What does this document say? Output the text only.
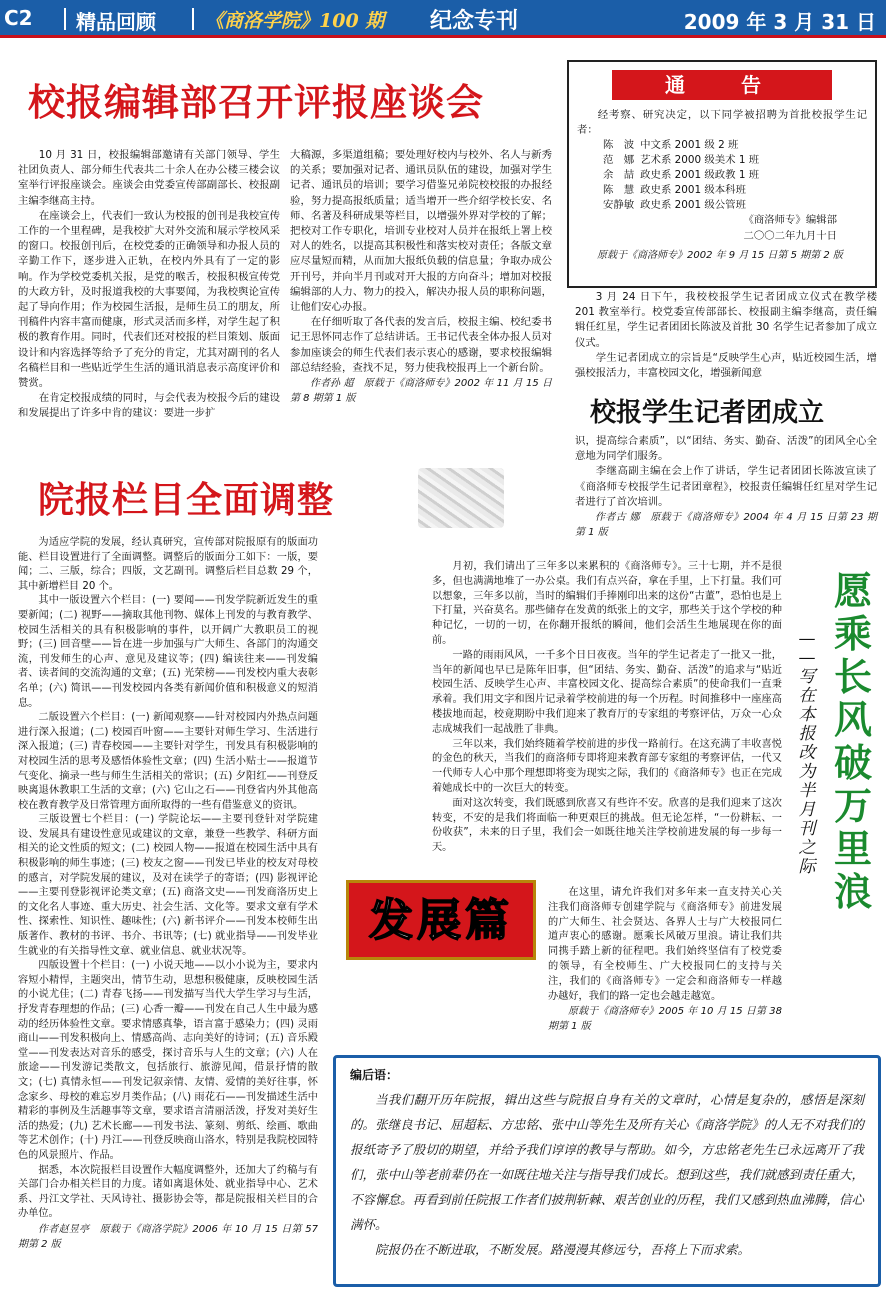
C2 精品回顾	《商洛学院》100 期 纪念专刊	2009 年 3 月 31 日
校报编辑部召开评报座谈会

10 月 31 日，校报编辑部邀请有关部门领导、学生社团负责人、部分师生代表共二十余人在办公楼三楼会议室举行评报座谈会。座谈会由党委宣传部副部长、校报副主编李继高主持。

在座谈会上，代表们一致认为校报的创刊是我校宣传工作的一个里程碑，是我校扩大对外交流和展示学校风采的窗口。校报创刊后，在校党委的正确领导和办报人员的辛勤工作下，逐步进入正轨，在校内外具有了一定的影响。作为学校党委机关报，是党的喉舌，校报积极宣传党的大政方针，及时报道我校的大事要闻，为我校舆论宣传起了导向作用；作为校园生活报，是师生员工的朋友，所刊稿件内容丰富而健康，形式灵活而多样，对学生起了积极的教育作用。同时，代表们还对校报的栏目策划、版面设计和内容选择等给予了充分的肯定，尤其对副刊的名人名稿栏目和一些贴近学生生活的通讯消息表示高度评价和赞赏。

在肯定校报成绩的同时，与会代表为校报今后的建设和发展提出了许多中肯的建议：要进一步扩

大稿源，多渠道组稿；要处理好校内与校外、名人与新秀的关系；要加强对记者、通讯员队伍的建设，加强对学生记者、通讯员的培训；要学习借鉴兄弟院校校报的办报经验，努力提高报纸质量；适当增开一些介绍学校长安、名师、名著及科研成果等栏目，以增强外界对学校的了解；把校对工作专职化，培训专业校对人员并在报纸上署上校对人的姓名，以提高其积极性和落实校对责任；各版文章应尽量短而精，从而加大报纸负载的信息量；争取办成公开刊号，并向半月刊或对开大报的方向奋斗；增加对校报编辑部的人力、物力的投入，解决办报人员的职称问题，让他们安心办报。

在仔细听取了各代表的发言后，校报主编、校纪委书记王思怀同志作了总结讲话。王书记代表全体办报人员对参加座谈会的师生代表们表示衷心的感谢，要求校报编辑部总结经验，查找不足，努力使我校报再上一个新台阶。

作者孙 超　原载于《商洛师专》2002 年 11 月 15 日第 8 期第 1 版

通　告
经考察、研究决定，以下同学被招聘为首批校报学生记者：
陈　波	中文系 2001 级 2 班
范　娜	艺术系 2000 级美术 1 班
余　喆	政史系 2001 级政教 1 班
陈　慧	政史系 2001 级本科班
安静敏	政史系 2001 级公管班
《商洛师专》编辑部
二〇〇二年九月十日
原载于《商洛师专》2002 年 9 月 15 日第 5 期第 2 版

3 月 24 日下午，我校校报学生记者团成立仪式在教学楼 201 教室举行。校党委宣传部部长、校报副主编李继高，责任编辑任红星，学生记者团团长陈波及首批 30 名学生记者参加了成立仪式。

学生记者团成立的宗旨是“反映学生心声，贴近校园生活，增强校报活力，丰富校园文化，增强新闻意

校报学生记者团成立

识，提高综合素质”，以“团结、务实、勤奋、活泼”的团风全心全意地为同学们服务。

李继高副主编在会上作了讲话，学生记者团团长陈波宣读了《商洛师专校报学生记者团章程》，校报责任编辑任红星对学生记者进行了首次培训。

作者古 娜　原载于《商洛师专》2004 年 4 月 15 日第 23 期第 1 版

院报栏目全面调整

为适应学院的发展，经认真研究，宣传部对院报原有的版面功能、栏目设置进行了全面调整。调整后的版面分工如下：一版，要闻；二、三版，综合；四版，文艺副刊。调整后栏目总数 29 个，其中新增栏目 20 个。

其中一版设置六个栏目：(一) 要闻——刊发学院新近发生的重要新闻；(二) 视野——摘取其他刊物、媒体上刊发的与教育教学、校园生活相关的具有积极影响的事件，以开阔广大教职员工的视野；(三) 回音壁——旨在进一步加强与广大师生、各部门的沟通交流，刊发师生的心声、意见及建议等；(四) 编读往来——刊发编者、读者间的交流沟通的文章；(五) 光荣榜——刊发校内重大表彰名单；(六) 简讯——刊发校园内各类有新闻价值和积极意义的短消息。

二版设置六个栏目：(一) 新闻观察——针对校园内外热点问题进行深入报道；(二) 校园百叶窗——主要针对师生学习、生活进行深入报道；(三) 青春校园——主要针对学生，刊发具有积极影响的对校园生活的思考及感悟体验性文章；(四) 生活小贴士——报道节气变化、摘录一些与师生生活相关的常识；(五) 夕阳红——刊登反映离退休教职工生活的文章；(六) 它山之石——刊登省内外其他高校在教育教学及日常管理方面所取得的一些有借鉴意义的资讯。

三版设置七个栏目：(一) 学院论坛——主要刊登针对学院建设、发展具有建设性意见或建议的文章，兼登一些教学、科研方面相关的论文性质的短文；(二) 校园人物——报道在校园生活中具有积极影响的师生事迹；(三) 校友之窗——刊发已毕业的校友对母校的感言，对学院发展的建议，及对在读学子的寄语；(四) 影视评论——主要刊登影视评论类文章；(五) 商洛文史——刊发商洛历史上的文化名人事迹、重大历史、社会生活、文化等。要求文章有学术性、探索性、知识性、趣味性；(六) 新书评介——刊发本校师生出版著作、教材的书评、书介、书讯等；(七) 就业指导——刊发毕业生就业的有关指导性文章、就业信息、就业状况等。

四版设置十个栏目：(一) 小说天地——以小小说为主，要求内容短小精悍，主题突出，情节生动，思想积极健康，反映校园生活的小说尤佳；(二) 青春飞扬——刊发描写当代大学生学习与生活，抒发青春理想的作品；(三) 心香一瓣——刊发在自己人生中最为感动的经历体验性文章。要求情感真挚，语言富于感染力；(四) 灵雨商山——刊发积极向上、情感高尚、志向美好的诗词；(五) 音乐殿堂——刊发表达对音乐的感受，探讨音乐与人生的文章；(六) 人在旅途——刊发游记类散文，包括旅行、旅游见闻，借景抒情的散文；(七) 真情永恒——刊发记叙亲情、友情、爱情的美好往事，怀念家乡、母校的难忘岁月类作品；(八) 雨花石——刊发描述生活中精彩的事例及生活趣事等文章，要求语言清丽活泼，抒发对美好生活的热爱；(九) 艺术长廊——刊发书法、篆刻、剪纸、绘画、歌曲等艺术创作；(十) 丹江——刊登反映商山洛水，特别是我院校园特色的风景照片、作品。

据悉，本次院报栏目设置作大幅度调整外，还加大了约稿与有关部门合办相关栏目的力度。诸如离退休处、就业指导中心、艺术系、丹江文学社、天风诗社、摄影协会等，都是院报相关栏目的合办单位。

作者赵昱亭　原载于《商洛学院》2006 年 10 月 15 日第 57 期第 2 版

月初，我们请出了三年多以来累积的《商洛师专》。三十七期，并不是很多，但也满满地堆了一办公桌。我们有点兴奋，拿在手里，上下打量。我们可以想象，三年多以前，当时的编辑们手捧刚印出来的这份“古董”，恐怕也是上下打量，兴奋莫名。那些储存在发黄的纸张上的文字，那些关于这个学校的种种记忆，一切的一切，在你翻开报纸的瞬间，他们会活生生地展现在你的面前。

一路的雨雨风风，一千多个日日夜夜。当年的学生记者走了一批又一批，当年的新闻也早已是陈年旧事，但“团结、务实、勤奋、活泼”的追求与“贴近校园生活、反映学生心声、丰富校园文化、提高综合素质”的使命我们一直秉承着。我们用文字和图片记录着学校前进的每一个历程。时间推移中一座座高楼拔地而起，校竟期盼中我们迎来了教育厅的专家组的考察评估，万众一心众志成城我们一起战胜了非典。

三年以来，我们始终随着学校前进的步伐一路前行。在这充满了丰收喜悦的金色的秋天，当我们的商洛师专即将迎来教育部专家组的考察评估，一代又一代师专人心中那个理想即将变为现实之际，我们的《商洛师专》也正在完成着她成长中的一次巨大的转变。

面对这次转变，我们既感到欣喜又有些许不安。欣喜的是我们迎来了这次转变，不安的是我们将面临一种更艰巨的挑战。但无论怎样，“一份耕耘、一份收获”，未来的日子里，我们会一如既往地关注学校前进发展的每一步每一天。

在这里，请允许我们对多年来一直支持关心关注我们商洛师专创建学院与《商洛师专》前进发展的广大师生、社会贤达、各界人士与广大校报同仁道声衷心的感谢。愿乘长风破万里浪。请让我们共同携手踏上新的征程吧。我们始终坚信有了校党委的领导，有全校师生、广大校报同仁的支持与关注，我们的《商洛师专》一定会和商洛师专一样越办越好，我们的路一定也会越走越宽。

原载于《商洛师专》2005 年 10 月 15 日第 38 期第 1 版

愿
乘
长
风
破
万
里
浪
—
—
写
在
本
报
改
为
半
月
刊
之
际
发展篇
编后语：

当我们翻开历年院报，辑出这些与院报自身有关的文章时，心情是复杂的，感悟是深刻的。张继良书记、屈超耘、方忠铭、张中山等先生及所有关心《商洛学院》的人无不对我们的报纸寄予了殷切的期望，并给予我们谆谆的教导与帮助。如今，方忠铭老先生已永远离开了我们，张中山等老前辈仍在一如既往地关注与指导我们成长。想到这些，我们就感到责任重大，不容懈怠。再看到前任院报工作者们披荆斩棘、艰苦创业的历程，我们又感到热血沸腾，信心满怀。

院报仍在不断进取，不断发展。路漫漫其修远兮，吾将上下而求索。
